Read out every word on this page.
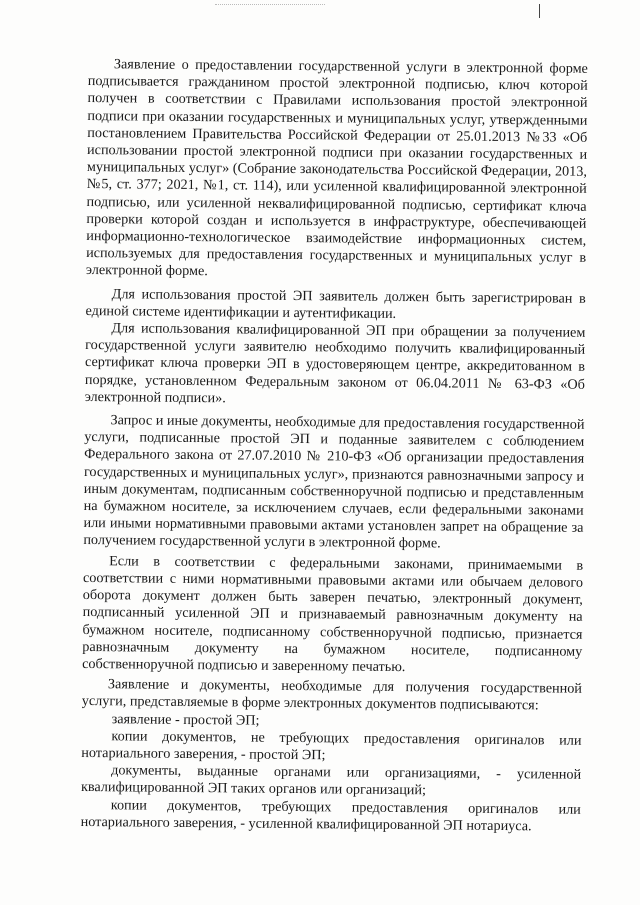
Заявление о предоставлении государственной услуги в электронной форме подписывается гражданином простой электронной подписью, ключ которой получен в соответствии с Правилами использования простой электронной подписи при оказании государственных и муниципальных услуг, утвержденными постановлением Правительства Российской Федерации от 25.01.2013 №33 «Об использовании простой электронной подписи при оказании государственных и муниципальных услуг» (Собрание законодательства Российской Федерации, 2013, №5, ст. 377; 2021, №1, ст. 114), или усиленной квалифицированной электронной подписью, или усиленной неквалифицированной подписью, сертификат ключа проверки которой создан и используется в инфраструктуре, обеспечивающей информационно-технологическое взаимодействие информационных систем, используемых для предоставления государственных и муниципальных услуг в электронной форме.

Для использования простой ЭП заявитель должен быть зарегистрирован в единой системе идентификации и аутентификации.

Для использования квалифицированной ЭП при обращении за получением государственной услуги заявителю необходимо получить квалифицированный сертификат ключа проверки ЭП в удостоверяющем центре, аккредитованном в порядке, установленном Федеральным законом от 06.04.2011 № 63-ФЗ «Об электронной подписи».

Запрос и иные документы, необходимые для предоставления государственной услуги, подписанные простой ЭП и поданные заявителем с соблюдением Федерального закона от 27.07.2010 № 210-ФЗ «Об организации предоставления государственных и муниципальных услуг», признаются равнозначными запросу и иным документам, подписанным собственноручной подписью и представленным на бумажном носителе, за исключением случаев, если федеральными законами или иными нормативными правовыми актами установлен запрет на обращение за получением государственной услуги в электронной форме.

Если в соответствии с федеральными законами, принимаемыми в соответствии с ними нормативными правовыми актами или обычаем делового оборота документ должен быть заверен печатью, электронный документ, подписанный усиленной ЭП и признаваемый равнозначным документу на бумажном носителе, подписанному собственноручной подписью, признается равнозначным документу на бумажном носителе, подписанному собственноручной подписью и заверенному печатью.

Заявление и документы, необходимые для получения государственной услуги, представляемые в форме электронных документов подписываются:

заявление - простой ЭП;

копии документов, не требующих предоставления оригиналов или нотариального заверения, - простой ЭП;

документы, выданные органами или организациями, - усиленной квалифицированной ЭП таких органов или организаций;

копии документов, требующих предоставления оригиналов или нотариального заверения, - усиленной квалифицированной ЭП нотариуса.
